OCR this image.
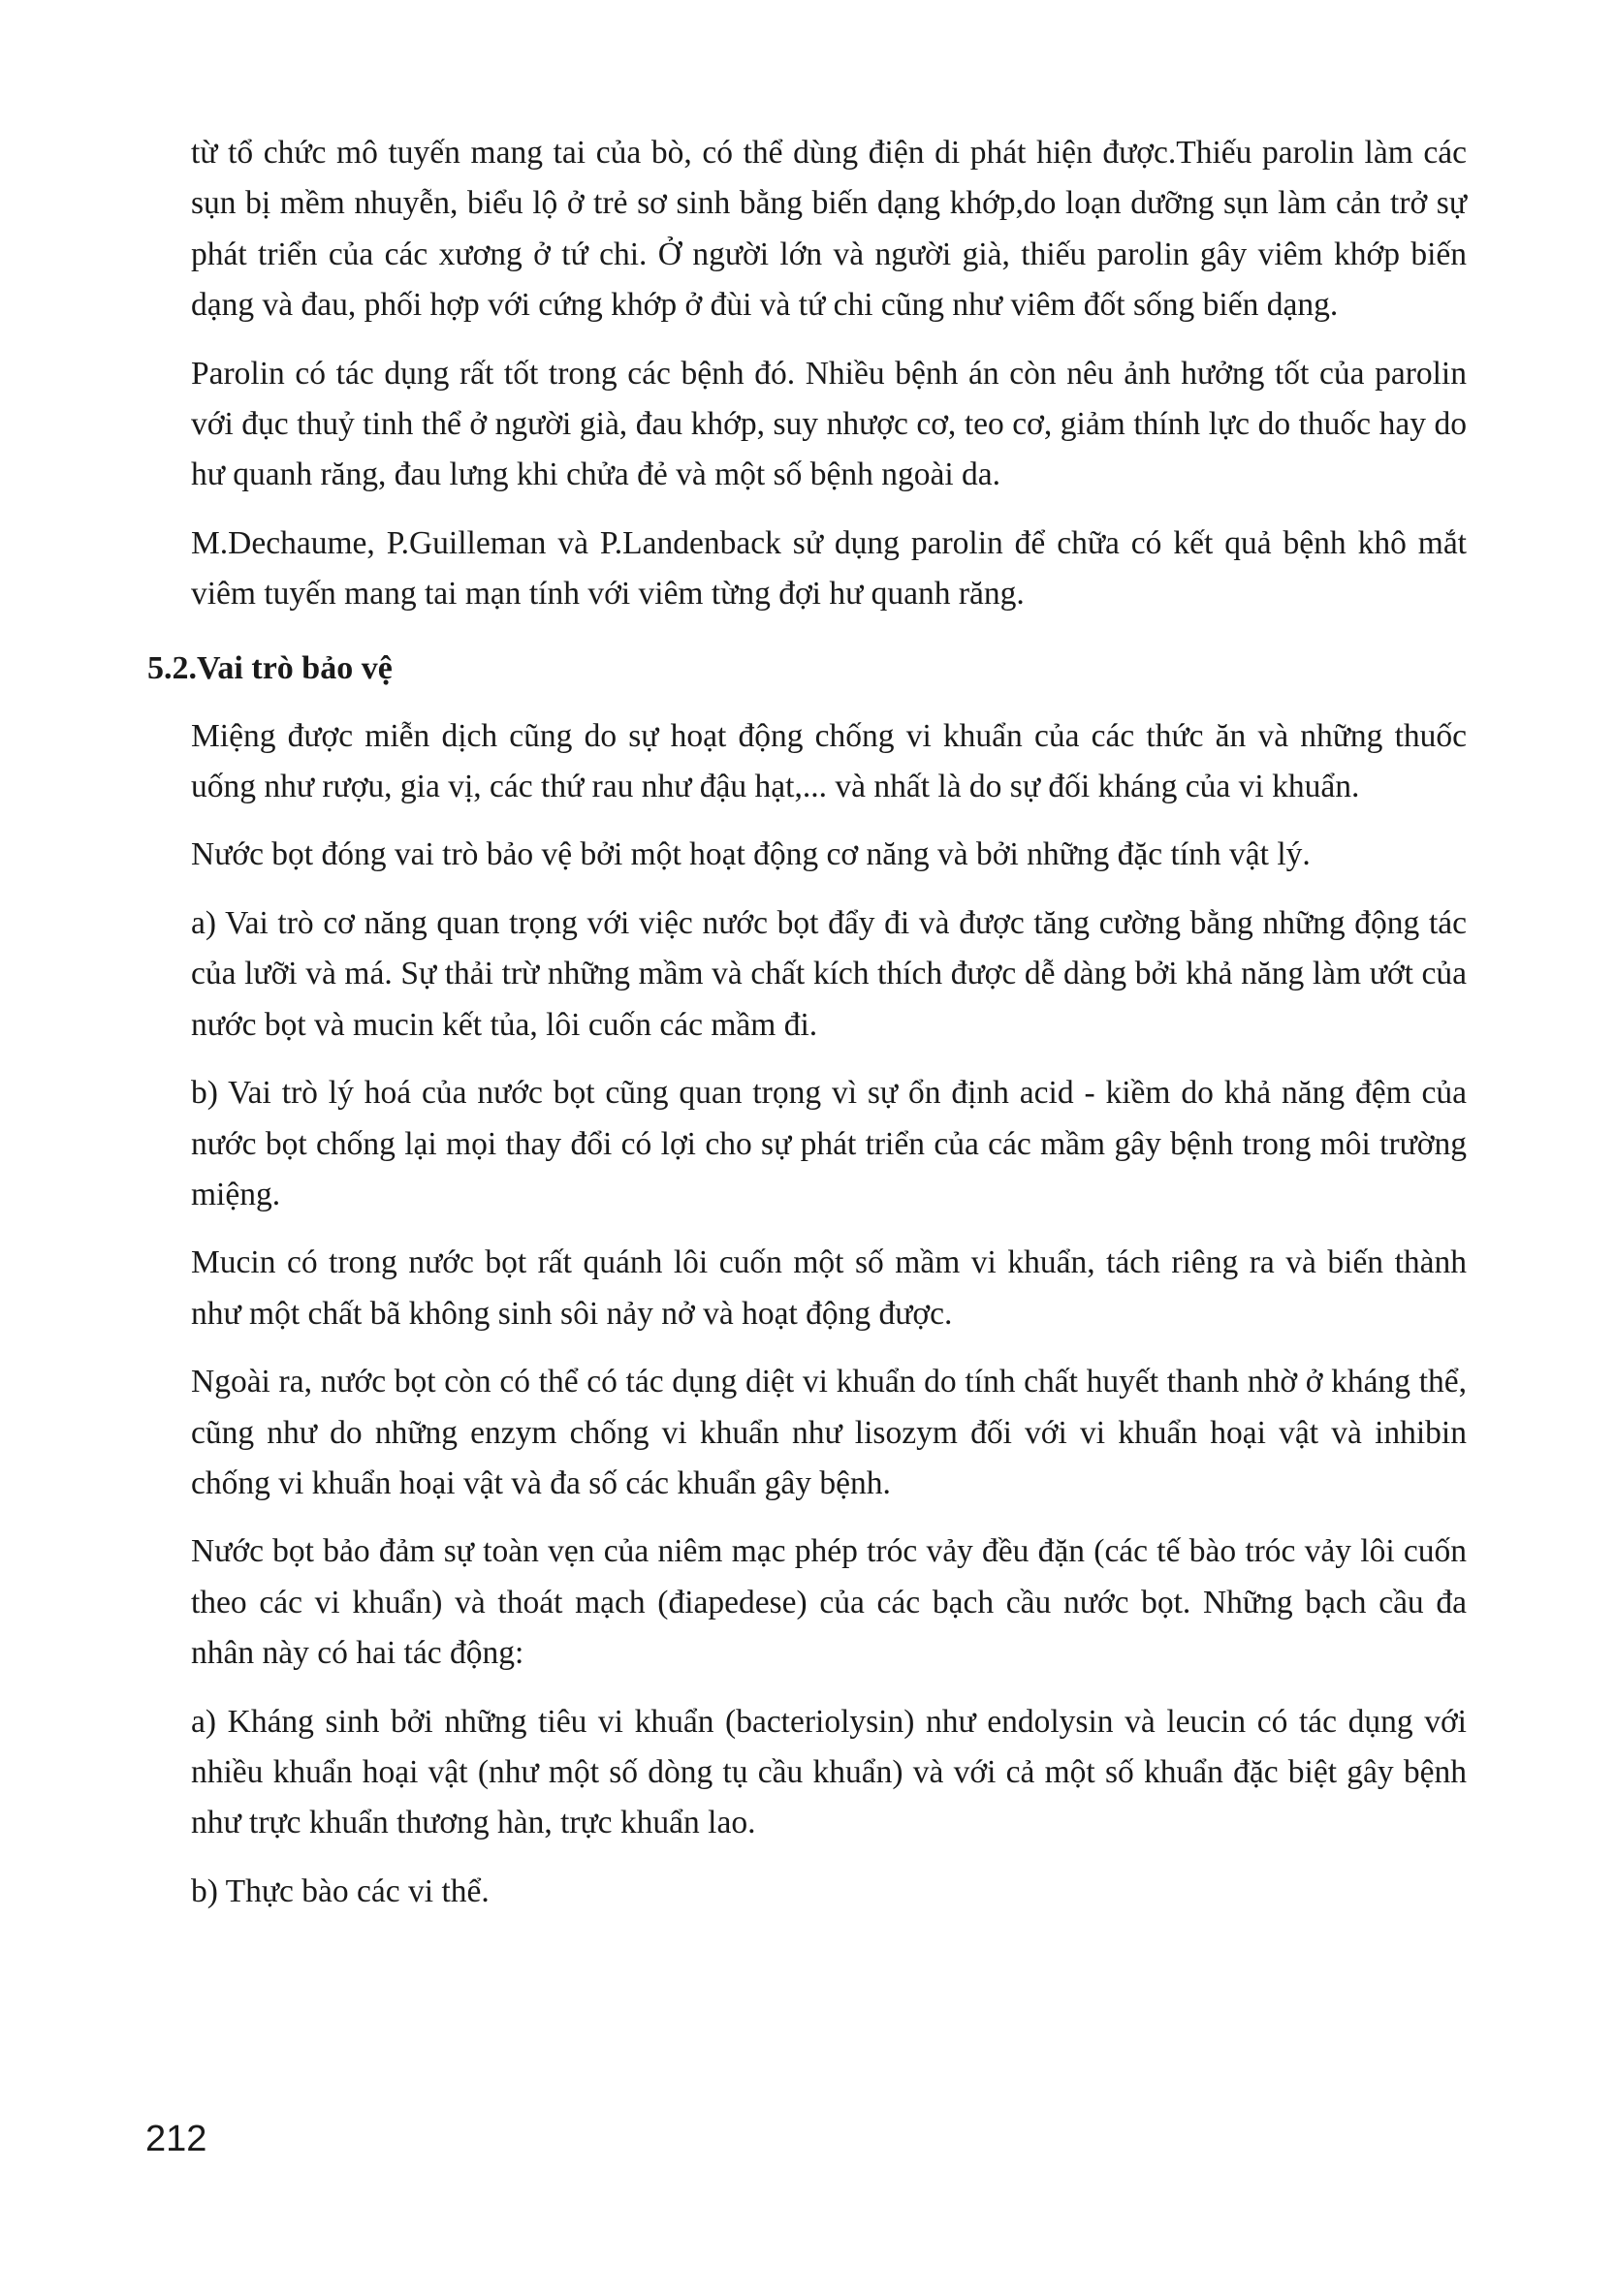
từ tổ chức mô tuyến mang tai của bò, có thể dùng điện di phát hiện được.Thiếu parolin làm các sụn bị mềm nhuyễn, biểu lộ ở trẻ sơ sinh bằng biến dạng khớp,do loạn dưỡng sụn làm cản trở sự phát triển của các xương ở tứ chi. Ở người lớn và người già, thiếu parolin gây viêm khớp biến dạng và đau, phối hợp với cứng khớp ở đùi và tứ chi cũng như viêm đốt sống biến dạng.

Parolin có tác dụng rất tốt trong các bệnh đó. Nhiều bệnh án còn nêu ảnh hưởng tốt của parolin với đục thuỷ tinh thể ở người già, đau khớp, suy nhược cơ, teo cơ, giảm thính lực do thuốc hay do hư quanh răng, đau lưng khi chửa đẻ và một số bệnh ngoài da.

M.Dechaume, P.Guilleman và P.Landenback sử dụng parolin để chữa có kết quả bệnh khô mắt viêm tuyến mang tai mạn tính với viêm từng đợi hư quanh răng.

5.2.Vai trò bảo vệ

Miệng được miễn dịch cũng do sự hoạt động chống vi khuẩn của các thức ăn và những thuốc uống như rượu, gia vị, các thứ rau như đậu hạt,... và nhất là do sự đối kháng của vi khuẩn.

Nước bọt đóng vai trò bảo vệ bởi một hoạt động cơ năng và bởi những đặc tính vật lý.

a) Vai trò cơ năng quan trọng với việc nước bọt đẩy đi và được tăng cường bằng những động tác của lưỡi và má. Sự thải trừ những mầm và chất kích thích được dễ dàng bởi khả năng làm ướt của nước bọt và mucin kết tủa, lôi cuốn các mầm đi.

b) Vai trò lý hoá của nước bọt cũng quan trọng vì sự ổn định acid - kiềm do khả năng đệm của nước bọt chống lại mọi thay đổi có lợi cho sự phát triển của các mầm gây bệnh trong môi trường miệng.

Mucin có trong nước bọt rất quánh lôi cuốn một số mầm vi khuẩn, tách riêng ra và biến thành như một chất bã không sinh sôi nảy nở và hoạt động được.

Ngoài ra, nước bọt còn có thể có tác dụng diệt vi khuẩn do tính chất huyết thanh nhờ ở kháng thể, cũng như do những enzym chống vi khuẩn như lisozym đối với vi khuẩn hoại vật và inhibin chống vi khuẩn hoại vật và đa số các khuẩn gây bệnh.

Nước bọt bảo đảm sự toàn vẹn của niêm mạc phép tróc vảy đều đặn (các tế bào tróc vảy lôi cuốn theo các vi khuẩn) và thoát mạch (điapedese) của các bạch cầu nước bọt. Những bạch cầu đa nhân này có hai tác động:

a) Kháng sinh bởi những tiêu vi khuẩn (bacteriolysin) như endolysin và leucin có tác dụng với nhiều khuẩn hoại vật (như một số dòng tụ cầu khuẩn) và với cả một số khuẩn đặc biệt gây bệnh như trực khuẩn thương hàn, trực khuẩn lao.

b) Thực bào các vi thể.

212
